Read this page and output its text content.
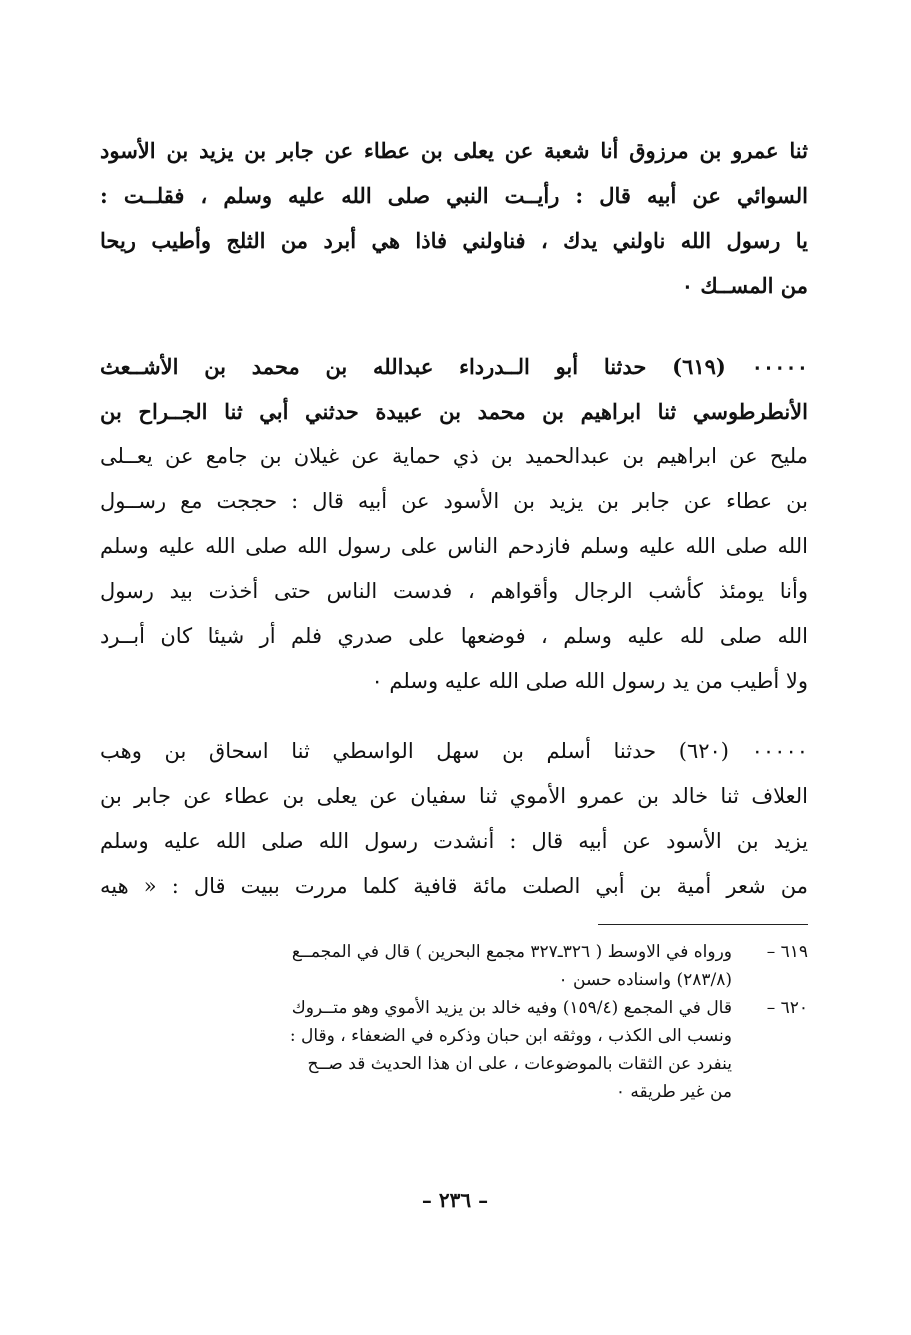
ثنا عمرو بن مرزوق أنا شعبة عن يعلى بن عطاء عن جابر بن يزيد بن الأسود
السوائي عن أبيه قال : رأيــت النبي صلى الله عليه وسلم ، فقلــت :
يا رسول الله ناولني يدك ، فناولني فاذا هي أبرد من الثلج وأطيب ريحا
من المســك ٠
٠٠٠٠٠ (٦١٩) حدثنا أبو الــدرداء عبدالله بن محمد بن الأشــعث
الأنطرطوسي ثنا ابراهيم بن محمد بن عبيدة حدثني أبي ثنا الجــراح بن
مليح عن ابراهيم بن عبدالحميد بن ذي حماية عن غيلان بن جامع عن يعــلى
بن عطاء عن جابر بن يزيد بن الأسود عن أبيه قال : حججت مع رســول
الله صلى الله عليه وسلم فازدحم الناس على رسول الله صلى الله عليه وسلم
وأنا يومئذ كأشب الرجال وأقواهم ، فدست الناس حتى أخذت بيد رسول
الله صلى لله عليه وسلم ، فوضعها على صدري فلم أر شيئا كان أبــرد
ولا أطيب من يد رسول الله صلى الله عليه وسلم ٠
٠٠٠٠٠ (٦٢٠) حدثنا أسلم بن سهل الواسطي ثنا اسحاق بن وهب
العلاف ثنا خالد بن عمرو الأموي ثنا سفيان عن يعلى بن عطاء عن جابر بن
يزيد بن الأسود عن أبيه قال : أنشدت رسول الله صلى الله عليه وسلم
من شعر أمية بن أبي الصلت مائة قافية كلما مررت ببيت قال : « هيه
٦١٩ –ورواه في الاوسط ( ٣٢٦ـ٣٢٧ مجمع البحرين ) قال في المجمــع
(٢٨٣/٨) واسناده حسن ٠
٦٢٠ –قال في المجمع (١٥٩/٤) وفيه خالد بن يزيد الأموي وهو متــروك
ونسب الى الكذب ، ووثقه ابن حبان وذكره في الضعفاء ، وقال :
ينفرد عن الثقات بالموضوعات ، على ان هذا الحديث قد صــح
من غير طريقه ٠
– ٢٣٦ –
